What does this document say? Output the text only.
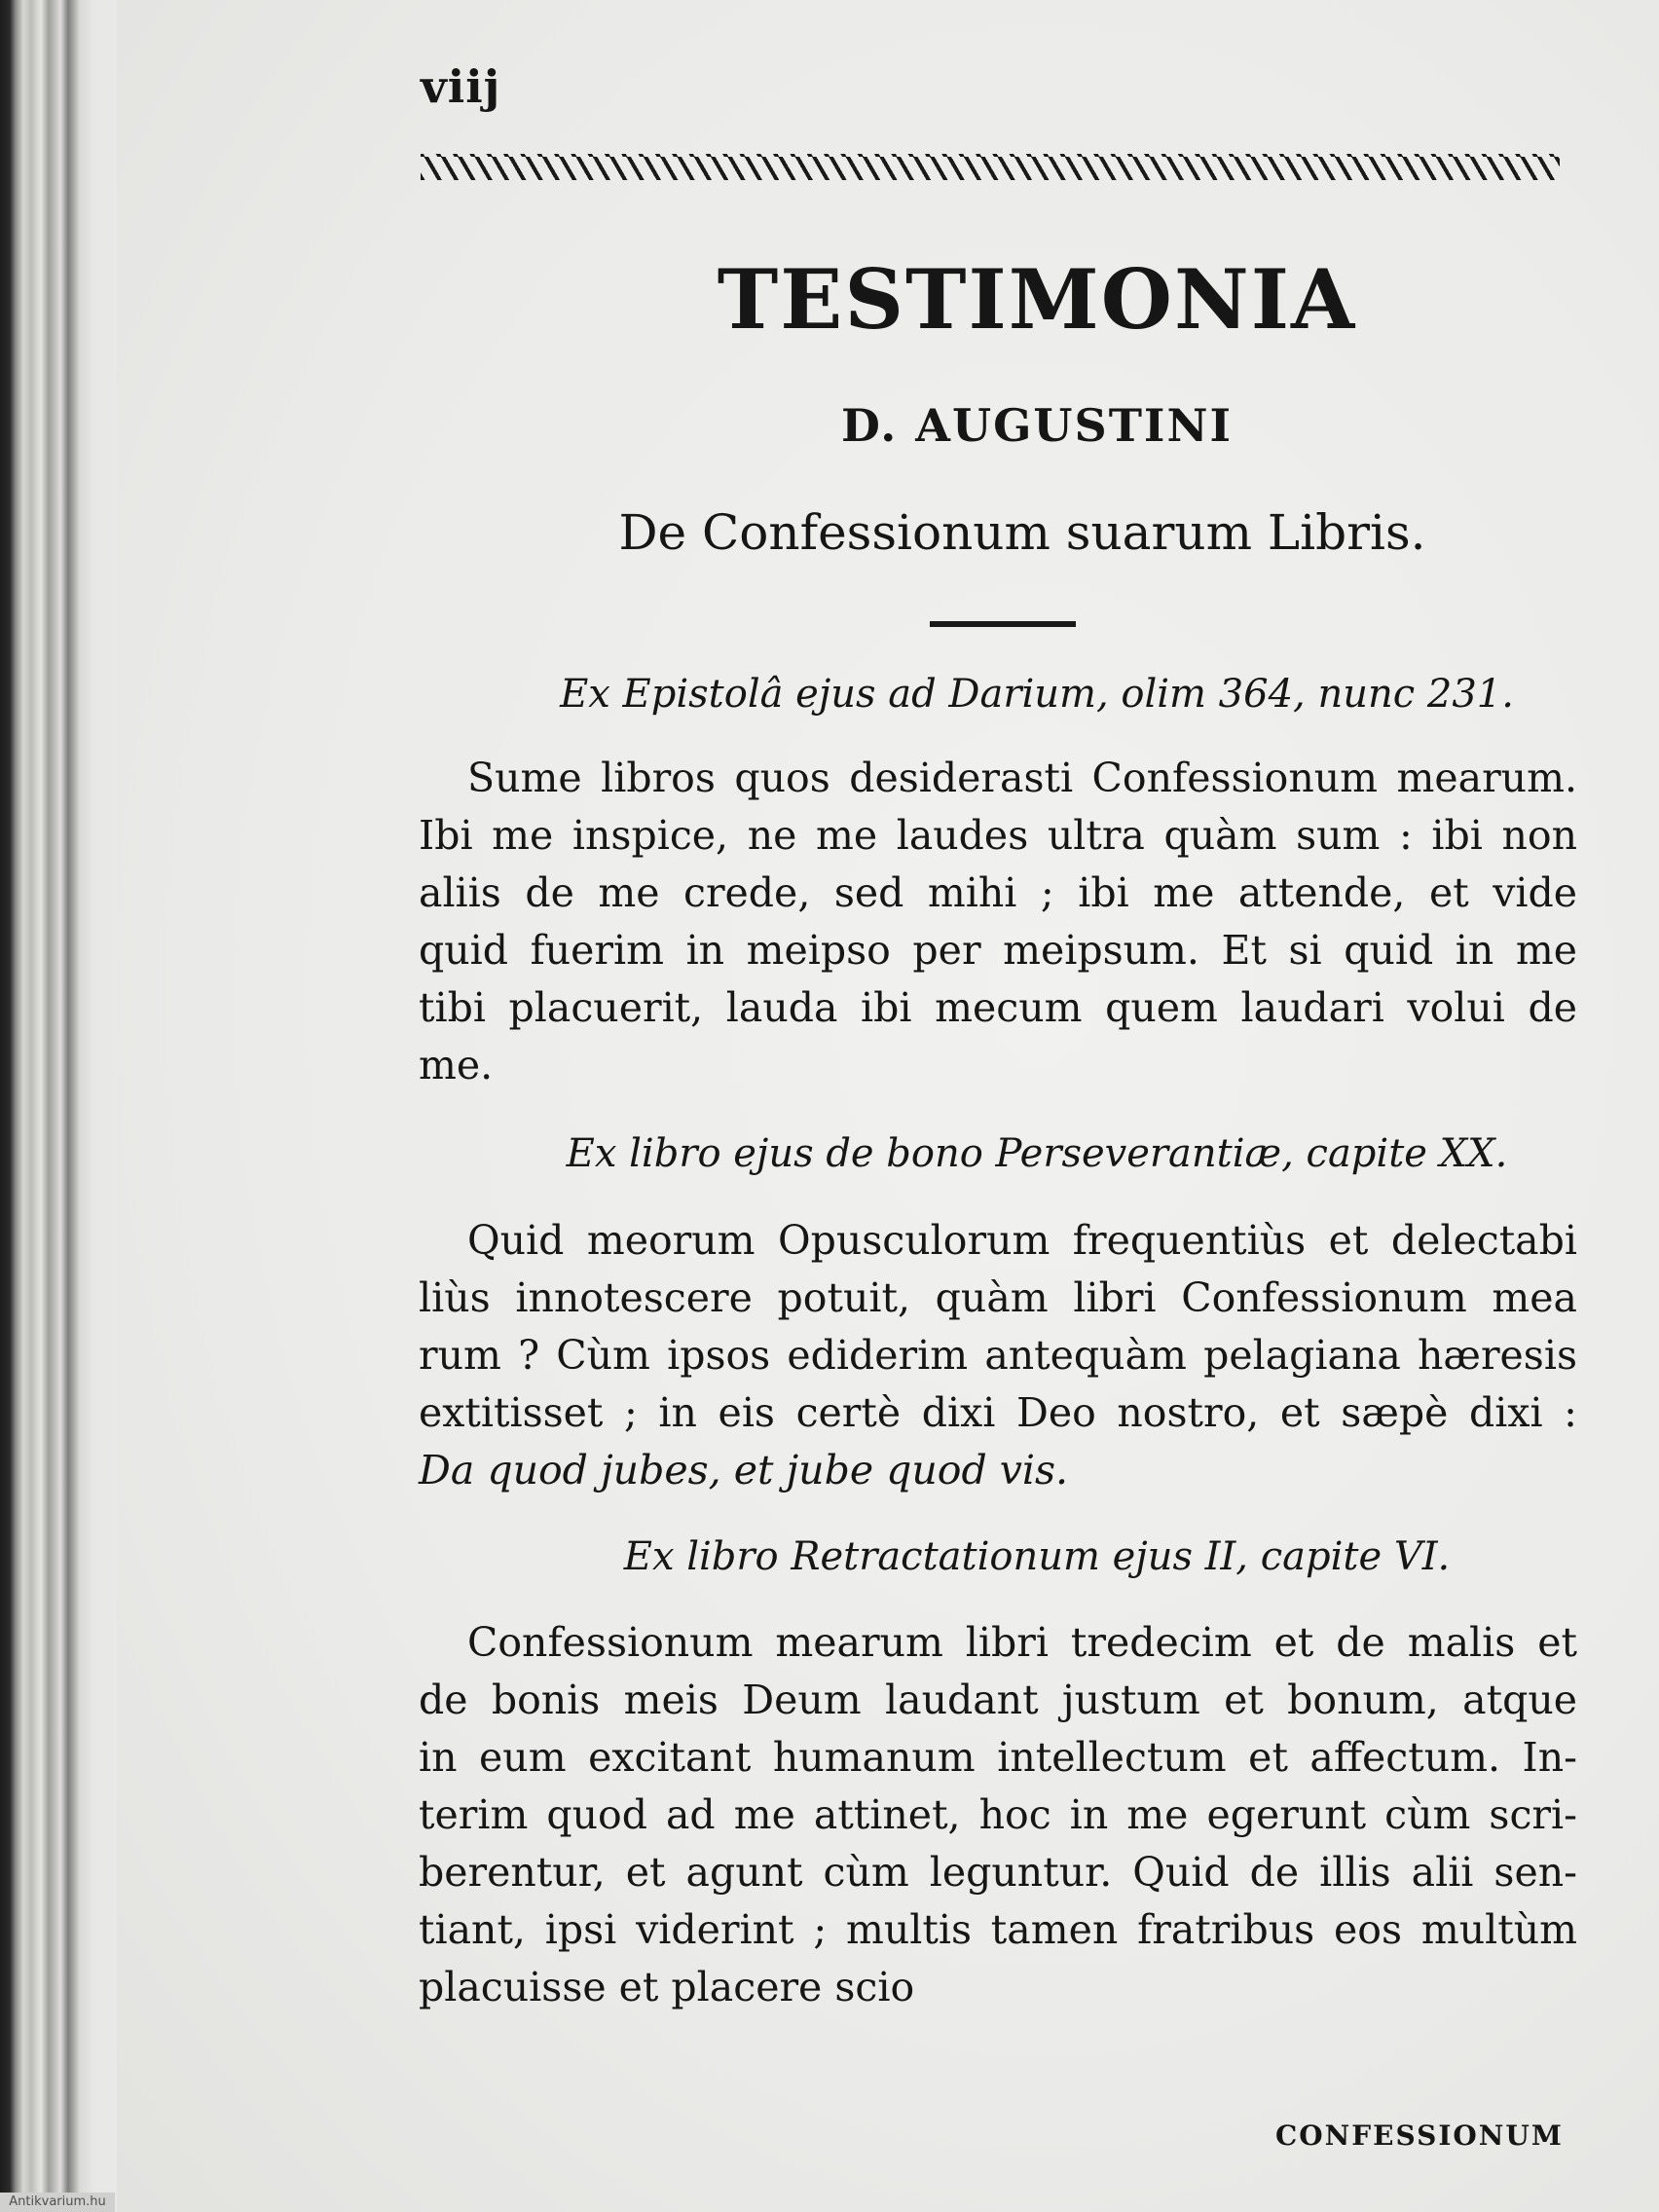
viij
TESTIMONIA
D. AUGUSTINI
De Confessionum suarum Libris.
Ex Epistolâ ejus ad Darium, olim 364, nunc 231.
Sume libros quos desiderasti Confessionum mearum.
Ibi me inspice, ne me laudes ultra quàm sum : ibi non
aliis de me crede, sed mihi ; ibi me attende, et vide
quid fuerim in meipso per meipsum. Et si quid in me
tibi placuerit, lauda ibi mecum quem laudari volui de
me.
Ex libro ejus de bono Perseverantiæ, capite XX.
Quid meorum Opusculorum frequentiùs et delectabi
liùs innotescere potuit, quàm libri Confessionum mea
rum ? Cùm ipsos ediderim antequàm pelagiana hæresis
extitisset ; in eis certè dixi Deo nostro, et sæpè dixi :
Da quod jubes, et jube quod vis.
Ex libro Retractationum ejus II, capite VI.
Confessionum mearum libri tredecim et de malis et
de bonis meis Deum laudant justum et bonum, atque
in eum excitant humanum intellectum et affectum. In-
terim quod ad me attinet, hoc in me egerunt cùm scri-
berentur, et agunt cùm leguntur. Quid de illis alii sen-
tiant, ipsi viderint ; multis tamen fratribus eos multùm
placuisse et placere scio
CONFESSIONUM
Antikvarium.hu
